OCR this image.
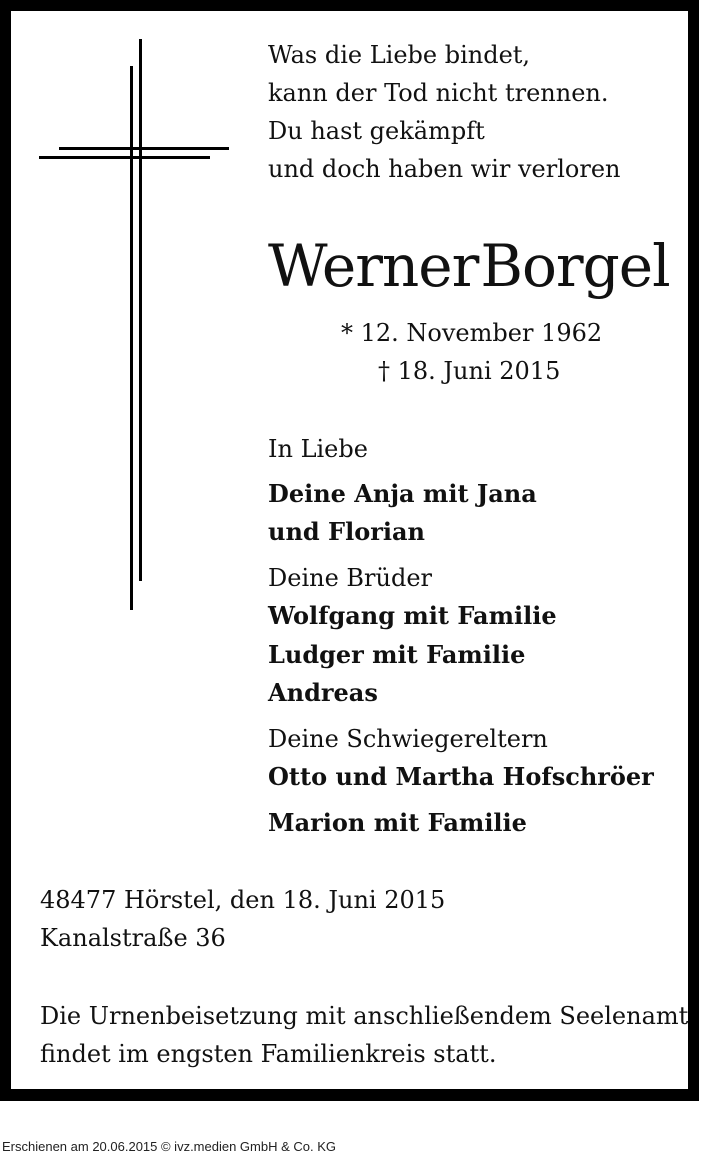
Was die Liebe bindet,
kann der Tod nicht trennen.
Du hast gekämpft
und doch haben wir verloren
WernerBorgel
* 12. November 1962
† 18. Juni 2015
In Liebe
Deine Anja mit Jana
und Florian
Deine Brüder
Wolfgang mit Familie
Ludger mit Familie
Andreas
Deine Schwiegereltern
Otto und Martha Hofschröer
Marion mit Familie
48477 Hörstel, den 18. Juni 2015
Kanalstraße 36
Die Urnenbeisetzung mit anschließendem Seelenamt
findet im engsten Familienkreis statt.
Erschienen am 20.06.2015 © ivz.medien GmbH & Co. KG
